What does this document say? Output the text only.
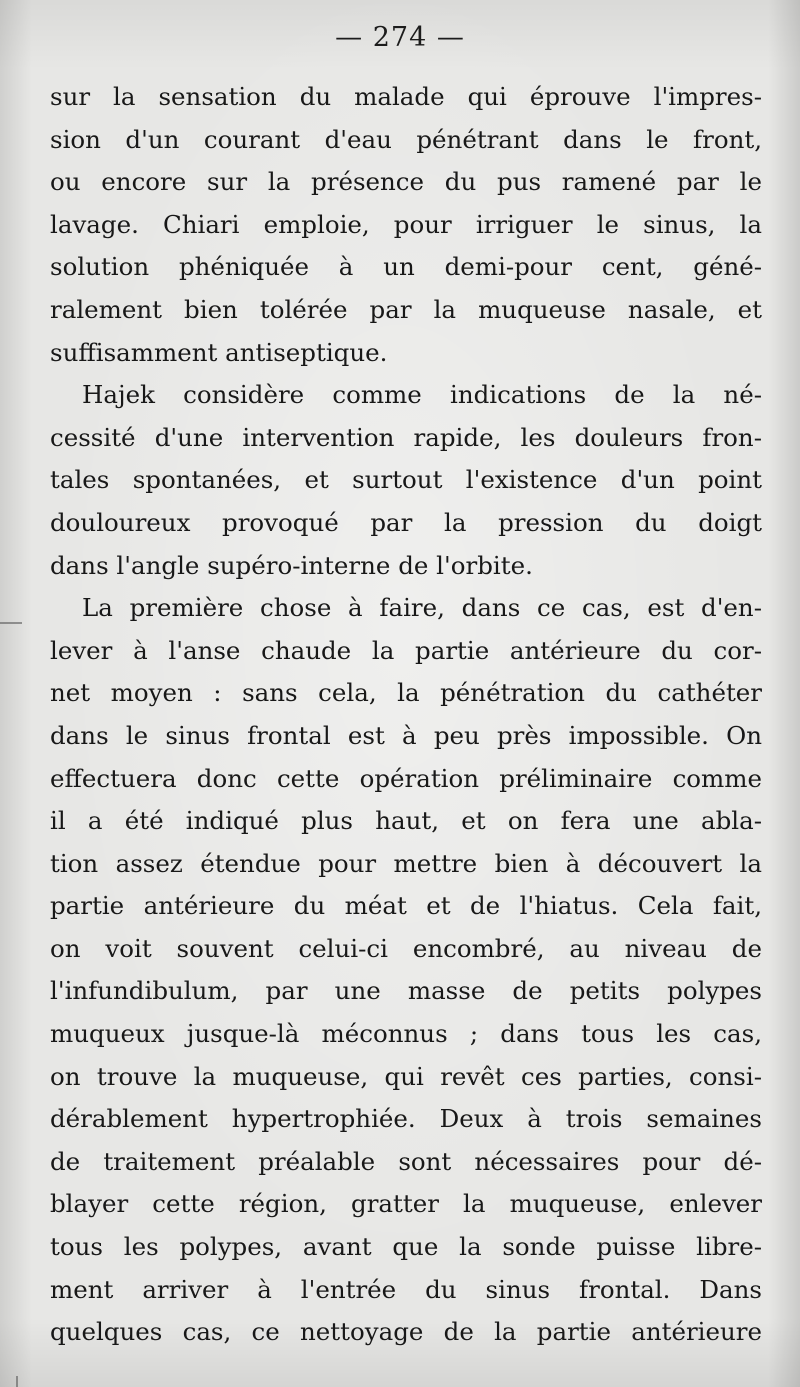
— 274 —
sur la sensation du malade qui éprouve l'impres-
sion d'un courant d'eau pénétrant dans le front,
ou encore sur la présence du pus ramené par le
lavage. Chiari emploie, pour irriguer le sinus, la
solution phéniquée à un demi-pour cent, géné-
ralement bien tolérée par la muqueuse nasale, et
suffisamment antiseptique.
Hajek considère comme indications de la né-
cessité d'une intervention rapide, les douleurs fron-
tales spontanées, et surtout l'existence d'un point
douloureux provoqué par la pression du doigt
dans l'angle supéro-interne de l'orbite.
La première chose à faire, dans ce cas, est d'en-
lever à l'anse chaude la partie antérieure du cor-
net moyen : sans cela, la pénétration du cathéter
dans le sinus frontal est à peu près impossible. On
effectuera donc cette opération préliminaire comme
il a été indiqué plus haut, et on fera une abla-
tion assez étendue pour mettre bien à découvert la
partie antérieure du méat et de l'hiatus. Cela fait,
on voit souvent celui-ci encombré, au niveau de
l'infundibulum, par une masse de petits polypes
muqueux jusque-là méconnus ; dans tous les cas,
on trouve la muqueuse, qui revêt ces parties, consi-
dérablement hypertrophiée. Deux à trois semaines
de traitement préalable sont nécessaires pour dé-
blayer cette région, gratter la muqueuse, enlever
tous les polypes, avant que la sonde puisse libre-
ment arriver à l'entrée du sinus frontal. Dans
quelques cas, ce nettoyage de la partie antérieure
